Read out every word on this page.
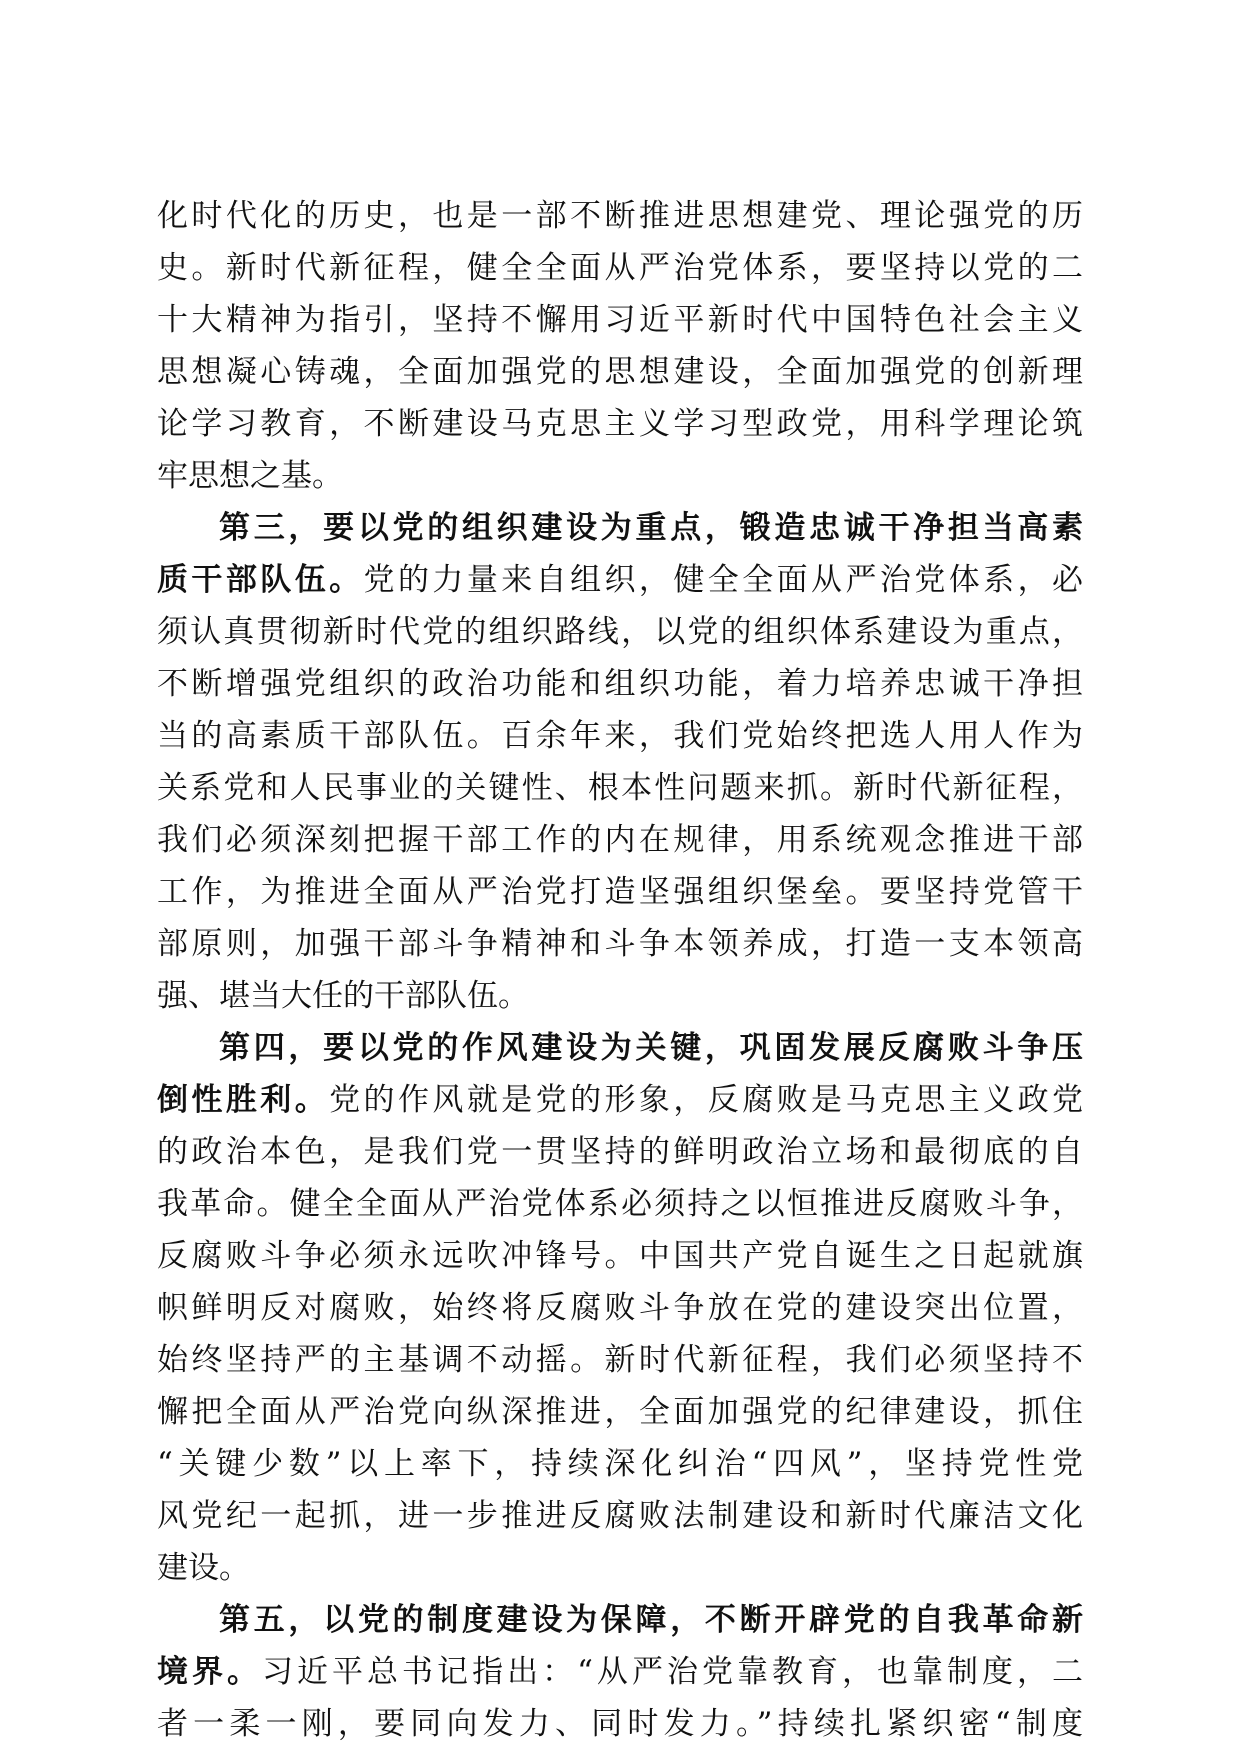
化时代化的历史，也是一部不断推进思想建党、理论强党的历
史。新时代新征程，健全全面从严治党体系，要坚持以党的二
十大精神为指引，坚持不懈用习近平新时代中国特色社会主义
思想凝心铸魂，全面加强党的思想建设，全面加强党的创新理
论学习教育，不断建设马克思主义学习型政党，用科学理论筑
牢思想之基。
第三，要以党的组织建设为重点，锻造忠诚干净担当高素
质干部队伍。党的力量来自组织，健全全面从严治党体系，必
须认真贯彻新时代党的组织路线，以党的组织体系建设为重点，
不断增强党组织的政治功能和组织功能，着力培养忠诚干净担
当的高素质干部队伍。百余年来，我们党始终把选人用人作为
关系党和人民事业的关键性、根本性问题来抓。新时代新征程，
我们必须深刻把握干部工作的内在规律，用系统观念推进干部
工作，为推进全面从严治党打造坚强组织堡垒。要坚持党管干
部原则，加强干部斗争精神和斗争本领养成，打造一支本领高
强、堪当大任的干部队伍。
第四，要以党的作风建设为关键，巩固发展反腐败斗争压
倒性胜利。党的作风就是党的形象，反腐败是马克思主义政党
的政治本色，是我们党一贯坚持的鲜明政治立场和最彻底的自
我革命。健全全面从严治党体系必须持之以恒推进反腐败斗争，
反腐败斗争必须永远吹冲锋号。中国共产党自诞生之日起就旗
帜鲜明反对腐败，始终将反腐败斗争放在党的建设突出位置，
始终坚持严的主基调不动摇。新时代新征程，我们必须坚持不
懈把全面从严治党向纵深推进，全面加强党的纪律建设，抓住
“关键少数”以上率下，持续深化纠治“四风”，坚持党性党
风党纪一起抓，进一步推进反腐败法制建设和新时代廉洁文化
建设。
第五，以党的制度建设为保障，不断开辟党的自我革命新
境界。习近平总书记指出：“从严治党靠教育，也靠制度，二
者一柔一刚，要同向发力、同时发力。”持续扎紧织密“制度
